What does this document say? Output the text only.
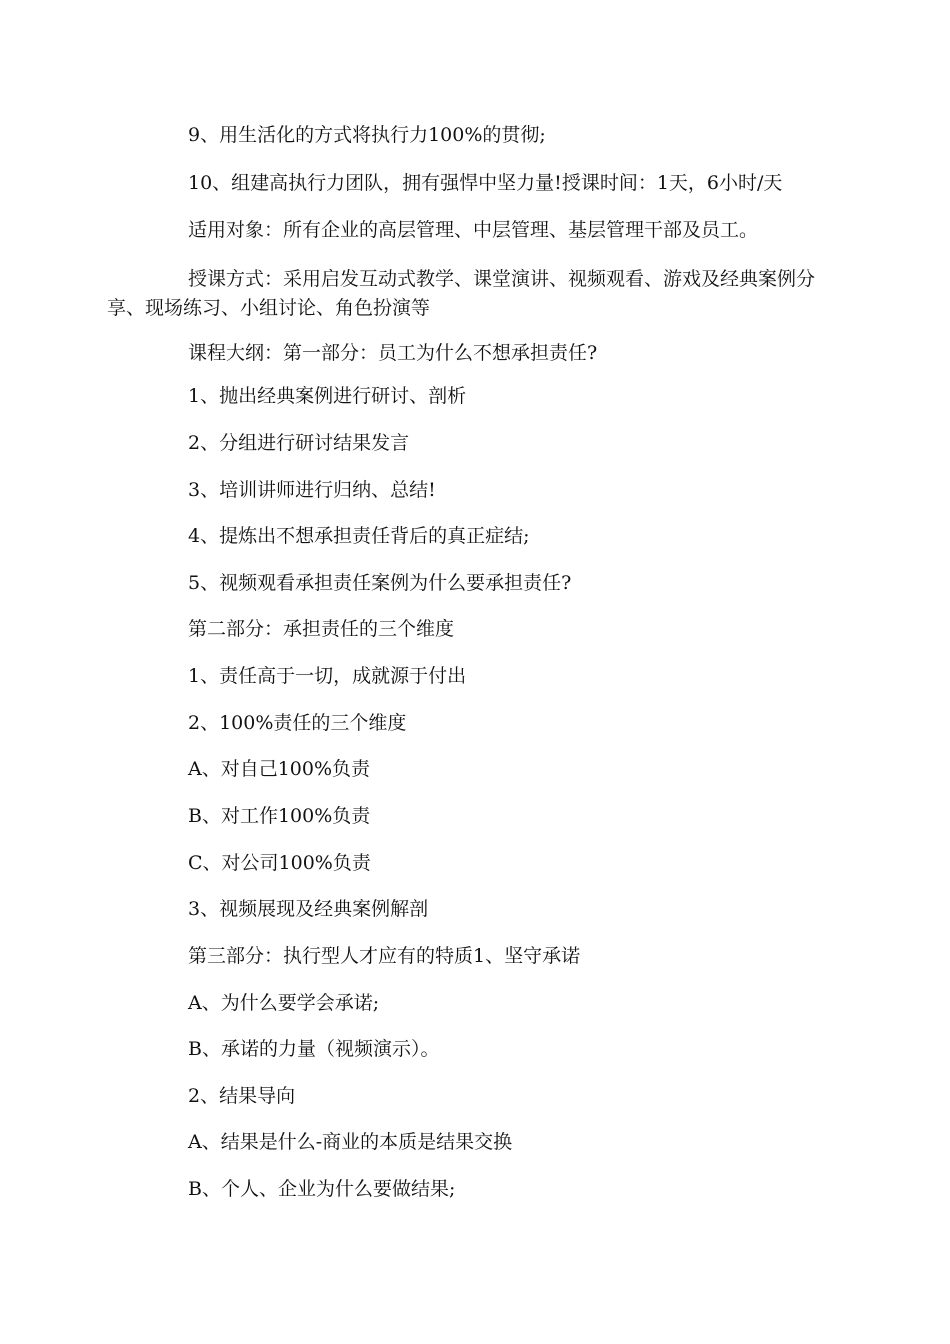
9、用生活化的方式将执行力100%的贯彻;

10、组建高执行力团队，拥有强悍中坚力量!授课时间：1天，6小时/天

适用对象：所有企业的高层管理、中层管理、基层管理干部及员工。

授课方式：采用启发互动式教学、课堂演讲、视频观看、游戏及经典案例分享、现场练习、小组讨论、角色扮演等

课程大纲：第一部分：员工为什么不想承担责任?

1、抛出经典案例进行研讨、剖析

2、分组进行研讨结果发言

3、培训讲师进行归纳、总结!

4、提炼出不想承担责任背后的真正症结;

5、视频观看承担责任案例为什么要承担责任?

第二部分：承担责任的三个维度

1、责任高于一切，成就源于付出

2、100%责任的三个维度

A、对自己100%负责

B、对工作100%负责

C、对公司100%负责

3、视频展现及经典案例解剖

第三部分：执行型人才应有的特质1、坚守承诺

A、为什么要学会承诺;

B、承诺的力量（视频演示）。

2、结果导向

A、结果是什么-商业的本质是结果交换

B、个人、企业为什么要做结果;
